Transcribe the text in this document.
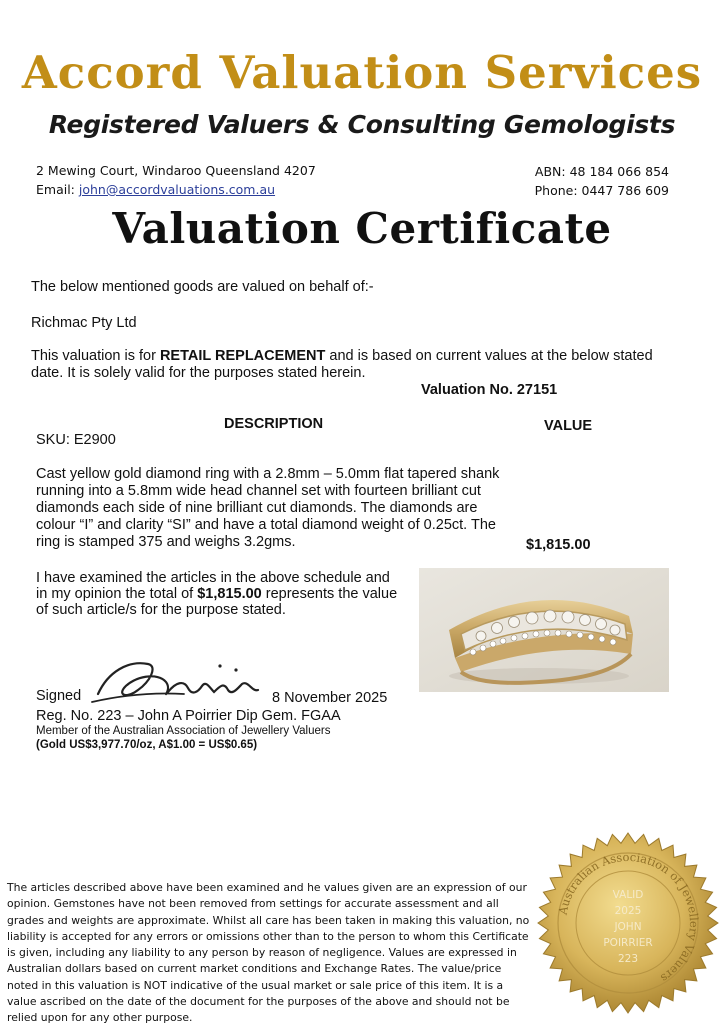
Accord Valuation Services
Registered Valuers & Consulting Gemologists
2 Mewing Court, Windaroo Queensland 4207
Email: john@accordvaluations.com.au
ABN: 48 184 066 854
Phone: 0447 786 609
Valuation Certificate
The below mentioned goods are valued on behalf of:-
Richmac Pty Ltd
This valuation is for RETAIL REPLACEMENT and is based on current values at the below stated
date. It is solely valid for the purposes stated herein.
Valuation No. 27151
DESCRIPTION	VALUE
SKU: E2900
Cast yellow gold diamond ring with a 2.8mm – 5.0mm flat tapered shank
running into a 5.8mm wide head channel set with fourteen brilliant cut
diamonds each side of nine brilliant cut diamonds. The diamonds are
colour “I” and clarity “SI” and have a total diamond weight of 0.25ct. The
ring is stamped 375 and weighs 3.2gms.	$1,815.00
I have examined the articles in the above schedule and
in my opinion the total of $1,815.00 represents the value
of such article/s for the purpose stated.
Signed	8 November 2025
Reg. No. 223 – John A Poirrier Dip Gem. FGAA
Member of the Australian Association of Jewellery Valuers
(Gold US$3,977.70/oz, A$1.00 = US$0.65)
The articles described above have been examined and he values given are an expression of our opinion. Gemstones have not been removed from settings for accurate assessment and all grades and weights are approximate. Whilst all care has been taken in making this valuation, no liability is accepted for any errors or omissions other than to the person to whom this Certificate is given, including any liability to any person by reason of negligence. Values are expressed in Australian dollars based on current market conditions and Exchange Rates. The value/price noted in this valuation is NOT indicative of the usual market or sale price of this item. It is a value ascribed on the date of the document for the purposes of the above and should not be relied upon for any other purpose.
Australian Association of Jewellery Valuers
VALID
2025
JOHN
POIRRIER
223
